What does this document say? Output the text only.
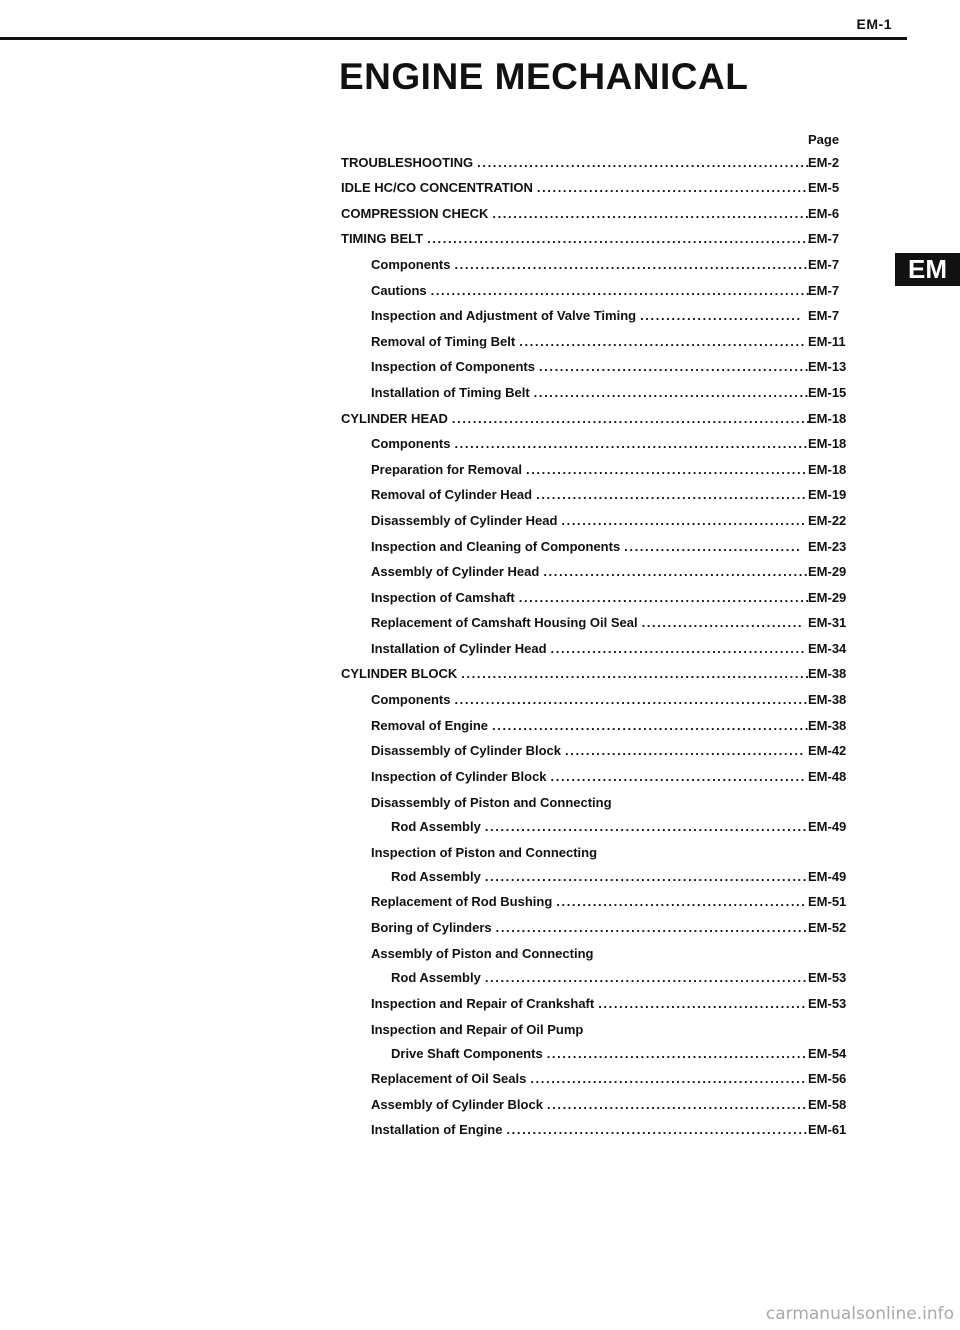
EM-1
ENGINE MECHANICAL
EM
Page
TROUBLESHOOTING ................................................................
EM-2
IDLE HC/CO CONCENTRATION .................................................... EM-5
COMPRESSION CHECK .............................................................
EM-6
TIMING BELT ..........................................................................
EM-7
Components .................................................................... EM-7
Cautions .........................................................................
EM-7
Inspection and Adjustment of Valve Timing ............................... EM-7
Removal of Timing Belt ....................................................... EM-11
Inspection of Components ....................................................
EM-13
Installation of Timing Belt .....................................................
EM-15
CYLINDER HEAD .....................................................................
EM-18
Components .................................................................... EM-18
Preparation for Removal ...................................................... EM-18
Removal of Cylinder Head .................................................... EM-19
Disassembly of Cylinder Head ............................................... EM-22
Inspection and Cleaning of Components .................................. EM-23
Assembly of Cylinder Head ...................................................
EM-29
Inspection of Camshaft ........................................................
EM-29
Replacement of Camshaft Housing Oil Seal ............................... EM-31
Installation of Cylinder Head ................................................. EM-34
CYLINDER BLOCK ...................................................................
EM-38
Components .................................................................... EM-38
Removal of Engine .............................................................
EM-38
Disassembly of Cylinder Block .............................................. EM-42
Inspection of Cylinder Block ................................................. EM-48
Disassembly of Piston and Connecting
Rod Assembly .............................................................. EM-49
Inspection of Piston and Connecting
Rod Assembly .............................................................. EM-49
Replacement of Rod Bushing ................................................ EM-51
Boring of Cylinders ............................................................ EM-52
Assembly of Piston and Connecting
Rod Assembly .............................................................. EM-53
Inspection and Repair of Crankshaft ........................................ EM-53
Inspection and Repair of Oil Pump
Drive Shaft Components .................................................. EM-54
Replacement of Oil Seals ..................................................... EM-56
Assembly of Cylinder Block .................................................. EM-58
Installation of Engine .......................................................... EM-61
carmanualsonline.info
